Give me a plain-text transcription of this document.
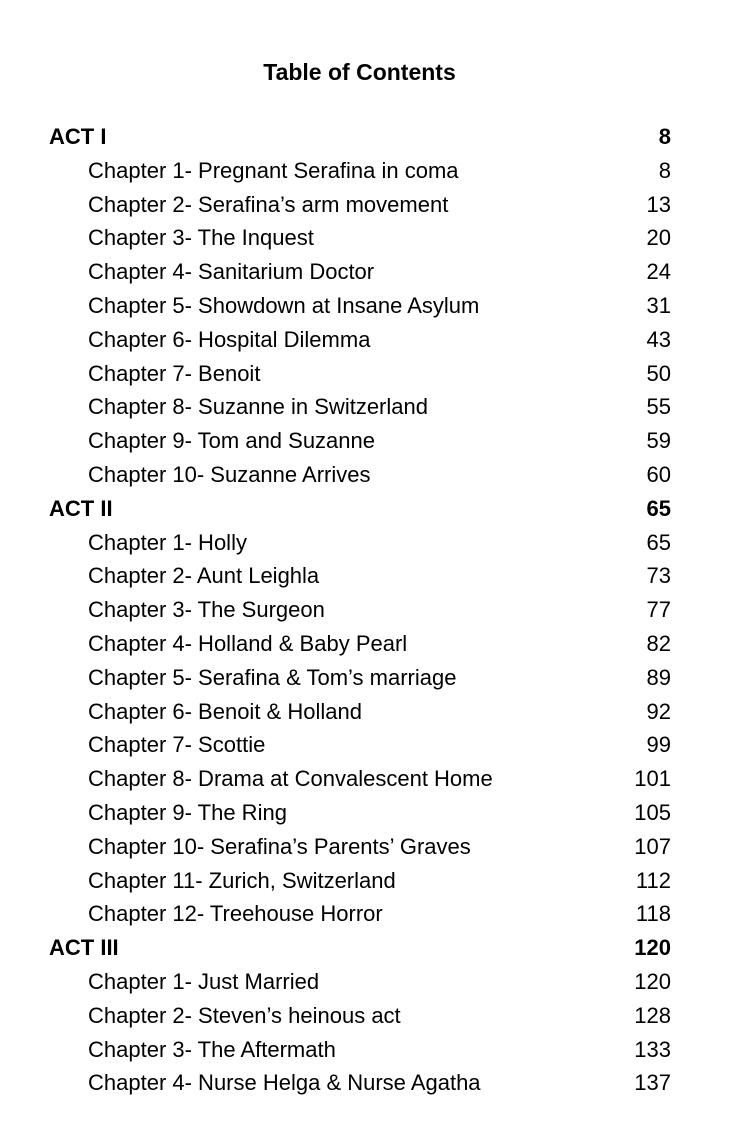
Table of Contents
ACT I	8
Chapter 1- Pregnant Serafina in coma	8
Chapter 2- Serafina’s arm movement	13
Chapter 3- The Inquest	20
Chapter 4- Sanitarium Doctor	24
Chapter 5- Showdown at Insane Asylum	31
Chapter 6- Hospital Dilemma	43
Chapter 7- Benoit	50
Chapter 8- Suzanne in Switzerland	55
Chapter 9- Tom and Suzanne	59
Chapter 10- Suzanne Arrives	60
ACT II	65
Chapter 1- Holly	65
Chapter 2- Aunt Leighla	73
Chapter 3- The Surgeon	77
Chapter 4- Holland & Baby Pearl	82
Chapter 5- Serafina & Tom’s marriage	89
Chapter 6- Benoit & Holland	92
Chapter 7- Scottie	99
Chapter 8- Drama at Convalescent Home	101
Chapter 9- The Ring	105
Chapter 10- Serafina’s Parents’ Graves	107
Chapter 11- Zurich, Switzerland	112
Chapter 12- Treehouse Horror	118
ACT III	120
Chapter 1- Just Married	120
Chapter 2- Steven’s heinous act	128
Chapter 3- The Aftermath	133
Chapter 4- Nurse Helga & Nurse Agatha	137
